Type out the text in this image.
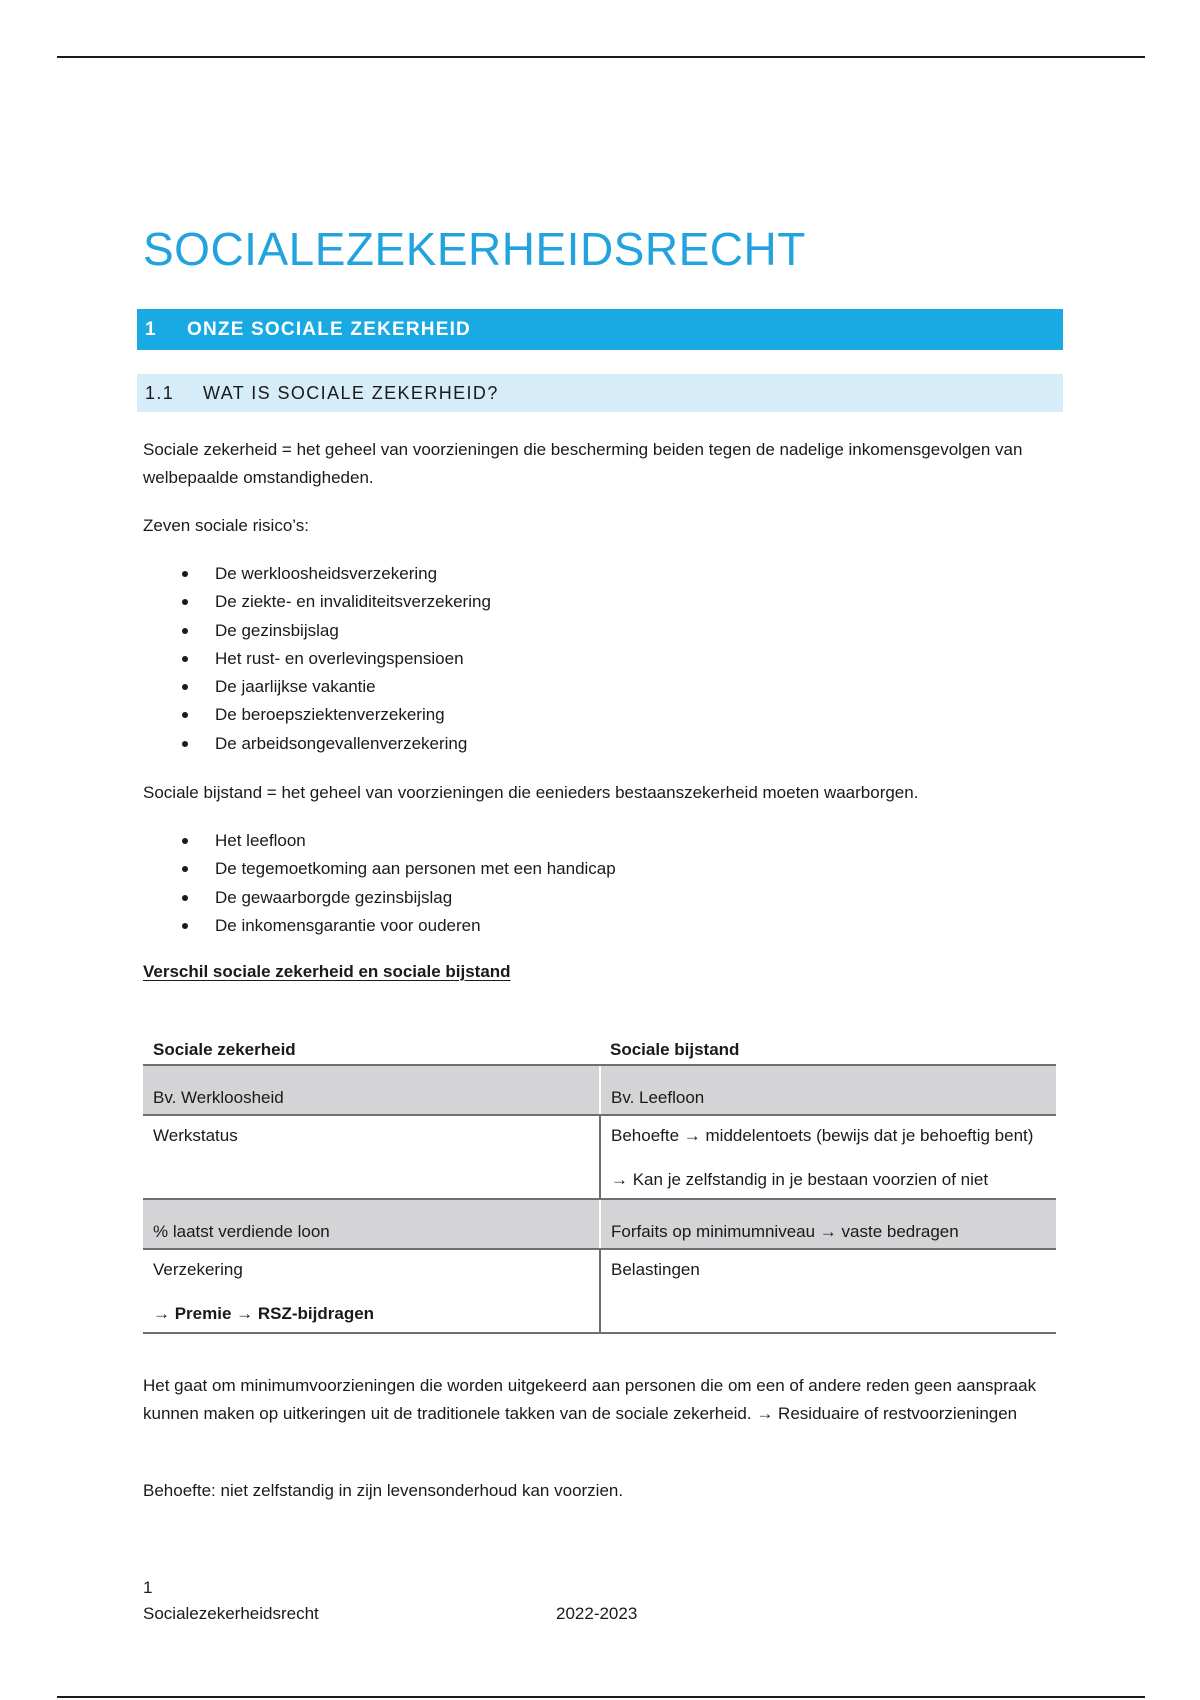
SOCIALEZEKERHEIDSRECHT
1	ONZE SOCIALE ZEKERHEID
1.1	WAT IS SOCIALE ZEKERHEID?

Sociale zekerheid = het geheel van voorzieningen die bescherming beiden tegen de nadelige inkomensgevolgen van welbepaalde omstandigheden.

Zeven sociale risico’s:

De werkloosheidsverzekering
De ziekte- en invaliditeitsverzekering
De gezinsbijslag
Het rust- en overlevingspensioen
De jaarlijkse vakantie
De beroepsziektenverzekering
De arbeidsongevallenverzekering

Sociale bijstand = het geheel van voorzieningen die eenieders bestaanszekerheid moeten waarborgen.

Het leefloon
De tegemoetkoming aan personen met een handicap
De gewaarborgde gezinsbijslag
De inkomensgarantie voor ouderen
Verschil sociale zekerheid en sociale bijstand
Sociale zekerheid	Sociale bijstand
Bv. Werkloosheid	Bv. Leefloon
Werkstatus	Behoefte → middelentoets (bewijs dat je behoeftig bent)

→ Kan je zelfstandig in je bestaan voorzien of niet

% laatst verdiende loon	Forfaits op minimumniveau → vaste bedragen

Verzekering

→ Premie → RSZ-bijdragen	Belastingen

Het gaat om minimumvoorzieningen die worden uitgekeerd aan personen die om een of andere reden geen aanspraak kunnen maken op uitkeringen uit de traditionele takken van de sociale zekerheid. → Residuaire of restvoorzieningen

Behoefte: niet zelfstandig in zijn levensonderhoud kan voorzien.

1
Socialezekerheidsrecht	2022-2023
